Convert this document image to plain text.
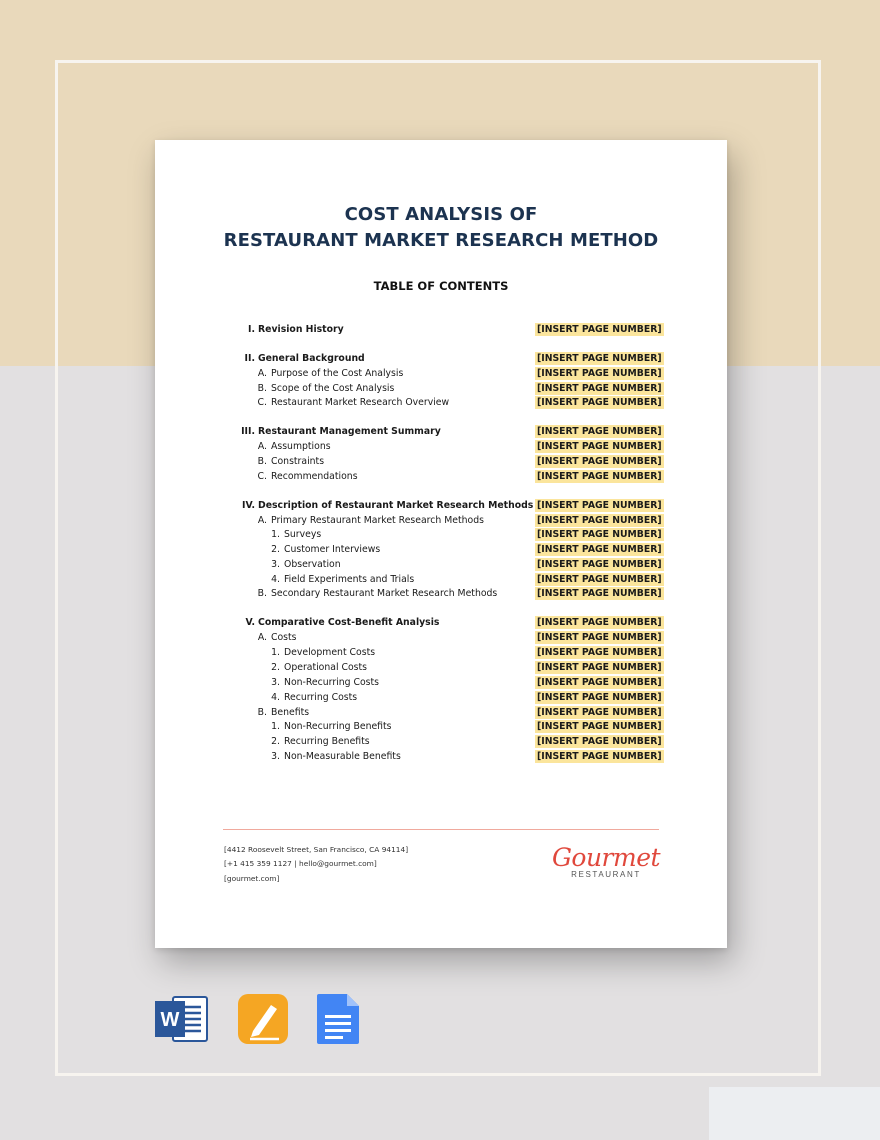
COST ANALYSIS OF
RESTAURANT MARKET RESEARCH METHOD
TABLE OF CONTENTS
I. Revision History	[INSERT PAGE NUMBER]
II. General Background	[INSERT PAGE NUMBER]
A. Purpose of the Cost Analysis	[INSERT PAGE NUMBER]
B. Scope of the Cost Analysis	[INSERT PAGE NUMBER]
C. Restaurant Market Research Overview	[INSERT PAGE NUMBER]
III. Restaurant Management Summary	[INSERT PAGE NUMBER]
A. Assumptions	[INSERT PAGE NUMBER]
B. Constraints	[INSERT PAGE NUMBER]
C. Recommendations	[INSERT PAGE NUMBER]
IV. Description of Restaurant Market Research Methods [INSERT PAGE NUMBER]
A. Primary Restaurant Market Research Methods	[INSERT PAGE NUMBER]
1. Surveys	[INSERT PAGE NUMBER]
2. Customer Interviews	[INSERT PAGE NUMBER]
3. Observation	[INSERT PAGE NUMBER]
4. Field Experiments and Trials	[INSERT PAGE NUMBER]
B. Secondary Restaurant Market Research Methods	[INSERT PAGE NUMBER]
V. Comparative Cost-Benefit Analysis	[INSERT PAGE NUMBER]
A. Costs	[INSERT PAGE NUMBER]
1. Development Costs	[INSERT PAGE NUMBER]
2. Operational Costs	[INSERT PAGE NUMBER]
3. Non-Recurring Costs	[INSERT PAGE NUMBER]
4. Recurring Costs	[INSERT PAGE NUMBER]
B. Benefits	[INSERT PAGE NUMBER]
1. Non-Recurring Benefits	[INSERT PAGE NUMBER]
2. Recurring Benefits	[INSERT PAGE NUMBER]
3. Non-Measurable Benefits	[INSERT PAGE NUMBER]
[4412 Roosevelt Street, San Francisco, CA 94114]
[+1 415 359 1127 | hello@gourmet.com]
[gourmet.com]
Gourmet
RESTAURANT
W
